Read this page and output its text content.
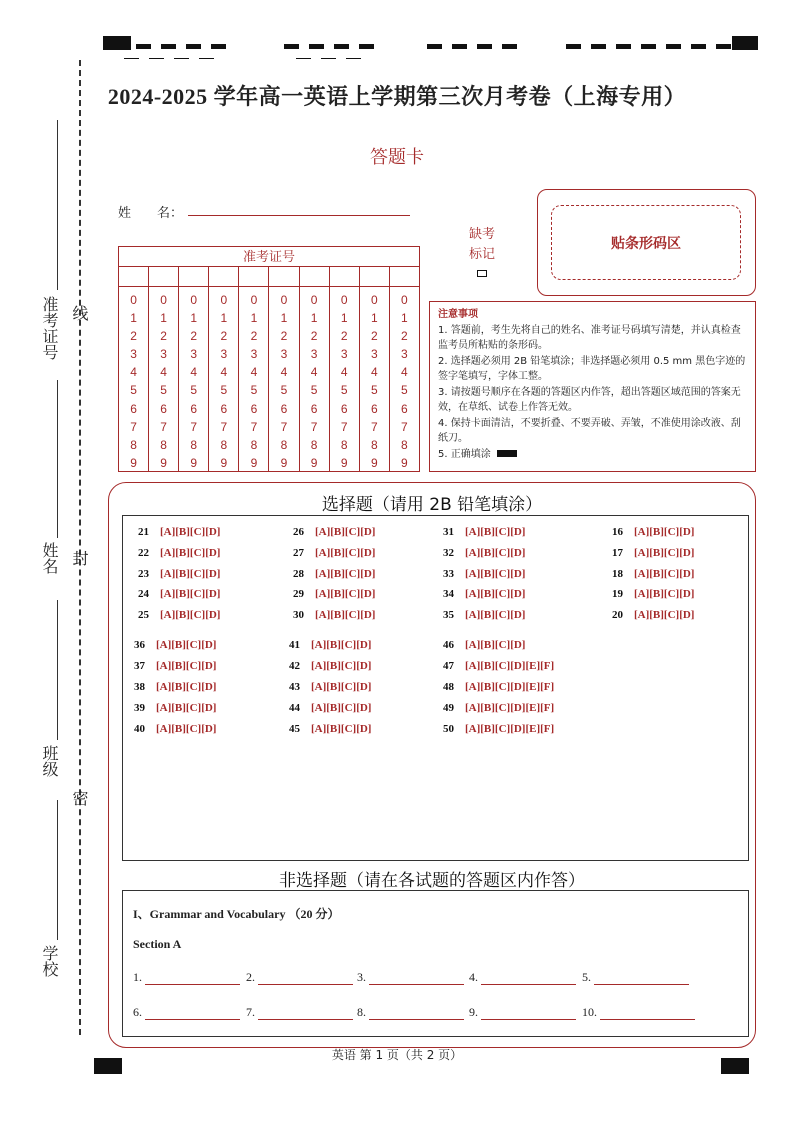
2024-2025 学年高一英语上学期第三次月考卷（上海专用）
答题卡
姓　　名：
贴条形码区
缺考
标记
准考证号
0
1
2
3
4
5
6
7
8
9
0
1
2
3
4
5
6
7
8
9
0
1
2
3
4
5
6
7
8
9
0
1
2
3
4
5
6
7
8
9
0
1
2
3
4
5
6
7
8
9
0
1
2
3
4
5
6
7
8
9
0
1
2
3
4
5
6
7
8
9
0
1
2
3
4
5
6
7
8
9
0
1
2
3
4
5
6
7
8
9
0
1
2
3
4
5
6
7
8
9
注意事项
1. 答题前，考生先将自己的姓名、准考证号码填写清楚，并认真检查监考员所粘贴的条形码。
2. 选择题必须用 2B 铅笔填涂；非选择题必须用 0.5 mm 黑色字迹的签字笔填写，字体工整。
3. 请按题号顺序在各题的答题区内作答，超出答题区域范围的答案无效，在草纸、试卷上作答无效。
4. 保持卡面清洁，不要折叠、不要弄破、弄皱，不准使用涂改液、刮纸刀。
5. 正确填涂
准考证号 线
姓名 封
班级
密
学校
选择题（请用 2B 铅笔填涂）
21 [A][B][C][D]
22 [A][B][C][D]
23 [A][B][C][D]
24 [A][B][C][D]
25 [A][B][C][D]
26 [A][B][C][D]
27 [A][B][C][D]
28 [A][B][C][D]
29 [A][B][C][D]
30 [A][B][C][D]
31 [A][B][C][D]
32 [A][B][C][D]
33 [A][B][C][D]
34 [A][B][C][D]
35 [A][B][C][D]
16 [A][B][C][D]
17 [A][B][C][D]
18 [A][B][C][D]
19 [A][B][C][D]
20 [A][B][C][D]
36 [A][B][C][D]
37 [A][B][C][D]
38 [A][B][C][D]
39 [A][B][C][D]
40 [A][B][C][D]
41 [A][B][C][D]
42 [A][B][C][D]
43 [A][B][C][D]
44 [A][B][C][D]
45 [A][B][C][D]
46 [A][B][C][D]
47 [A][B][C][D][E][F]
48 [A][B][C][D][E][F]
49 [A][B][C][D][E][F]
50 [A][B][C][D][E][F]
非选择题（请在各试题的答题区内作答）
I、Grammar and Vocabulary （20 分）
Section A
1.	2.	3.	4.	5.
6.	7.	8.	9.	10.
英语 第 1 页（共 2 页）
